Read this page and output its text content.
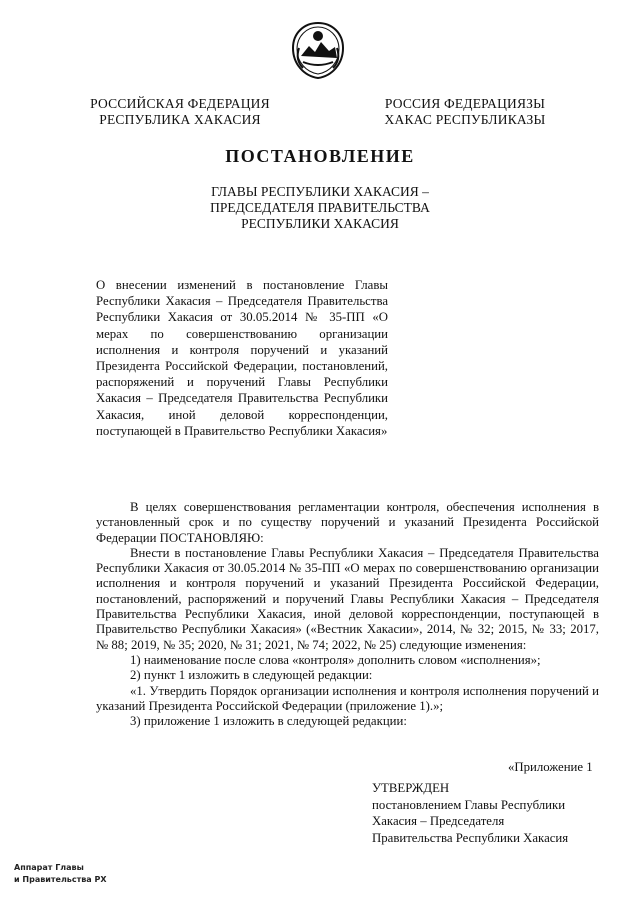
РОССИЙСКАЯ ФЕДЕРАЦИЯ
РЕСПУБЛИКА ХАКАСИЯ
РОССИЯ ФЕДЕРАЦИЯЗЫ
ХАКАС РЕСПУБЛИКАЗЫ
ПОСТАНОВЛЕНИЕ
ГЛАВЫ РЕСПУБЛИКИ ХАКАСИЯ –
ПРЕДСЕДАТЕЛЯ ПРАВИТЕЛЬСТВА
РЕСПУБЛИКИ ХАКАСИЯ
О внесении изменений в постановление Главы Республики Хакасия – Председателя Правительства Республики Хакасия от 30.05.2014 № 35-ПП «О мерах по совершенствованию организации исполнения и контроля поручений и указаний Президента Российской Федерации, постановлений, распоряжений и поручений Главы Республики Хакасия – Председателя Правительства Республики Хакасия, иной деловой корреспонденции, поступающей в Правительство Республики Хакасия»

В целях совершенствования регламентации контроля, обеспечения исполнения в установленный срок и по существу поручений и указаний Президента Российской Федерации ПОСТАНОВЛЯЮ:

Внести в постановление Главы Республики Хакасия – Председателя Правительства Республики Хакасия от 30.05.2014 № 35-ПП «О мерах по совершенствованию организации исполнения и контроля поручений и указаний Президента Российской Федерации, постановлений, распоряжений и поручений Главы Республики Хакасия – Председателя Правительства Республики Хакасия, иной деловой корреспонденции, поступающей в Правительство Республики Хакасия» («Вестник Хакасии», 2014, № 32; 2015, № 33; 2017, № 88; 2019, № 35; 2020, № 31; 2021, № 74; 2022, № 25) следующие изменения:

1) наименование после слова «контроля» дополнить словом «исполнения»;

2) пункт 1 изложить в следующей редакции:

«1. Утвердить Порядок организации исполнения и контроля исполнения поручений и указаний Президента Российской Федерации (приложение 1).»;

3) приложение 1 изложить в следующей редакции:

«Приложение 1
УТВЕРЖДЕН
постановлением Главы Республики
Хакасия – Председателя
Правительства Республики Хакасия
Аппарат Главы
и Правительства РХ
